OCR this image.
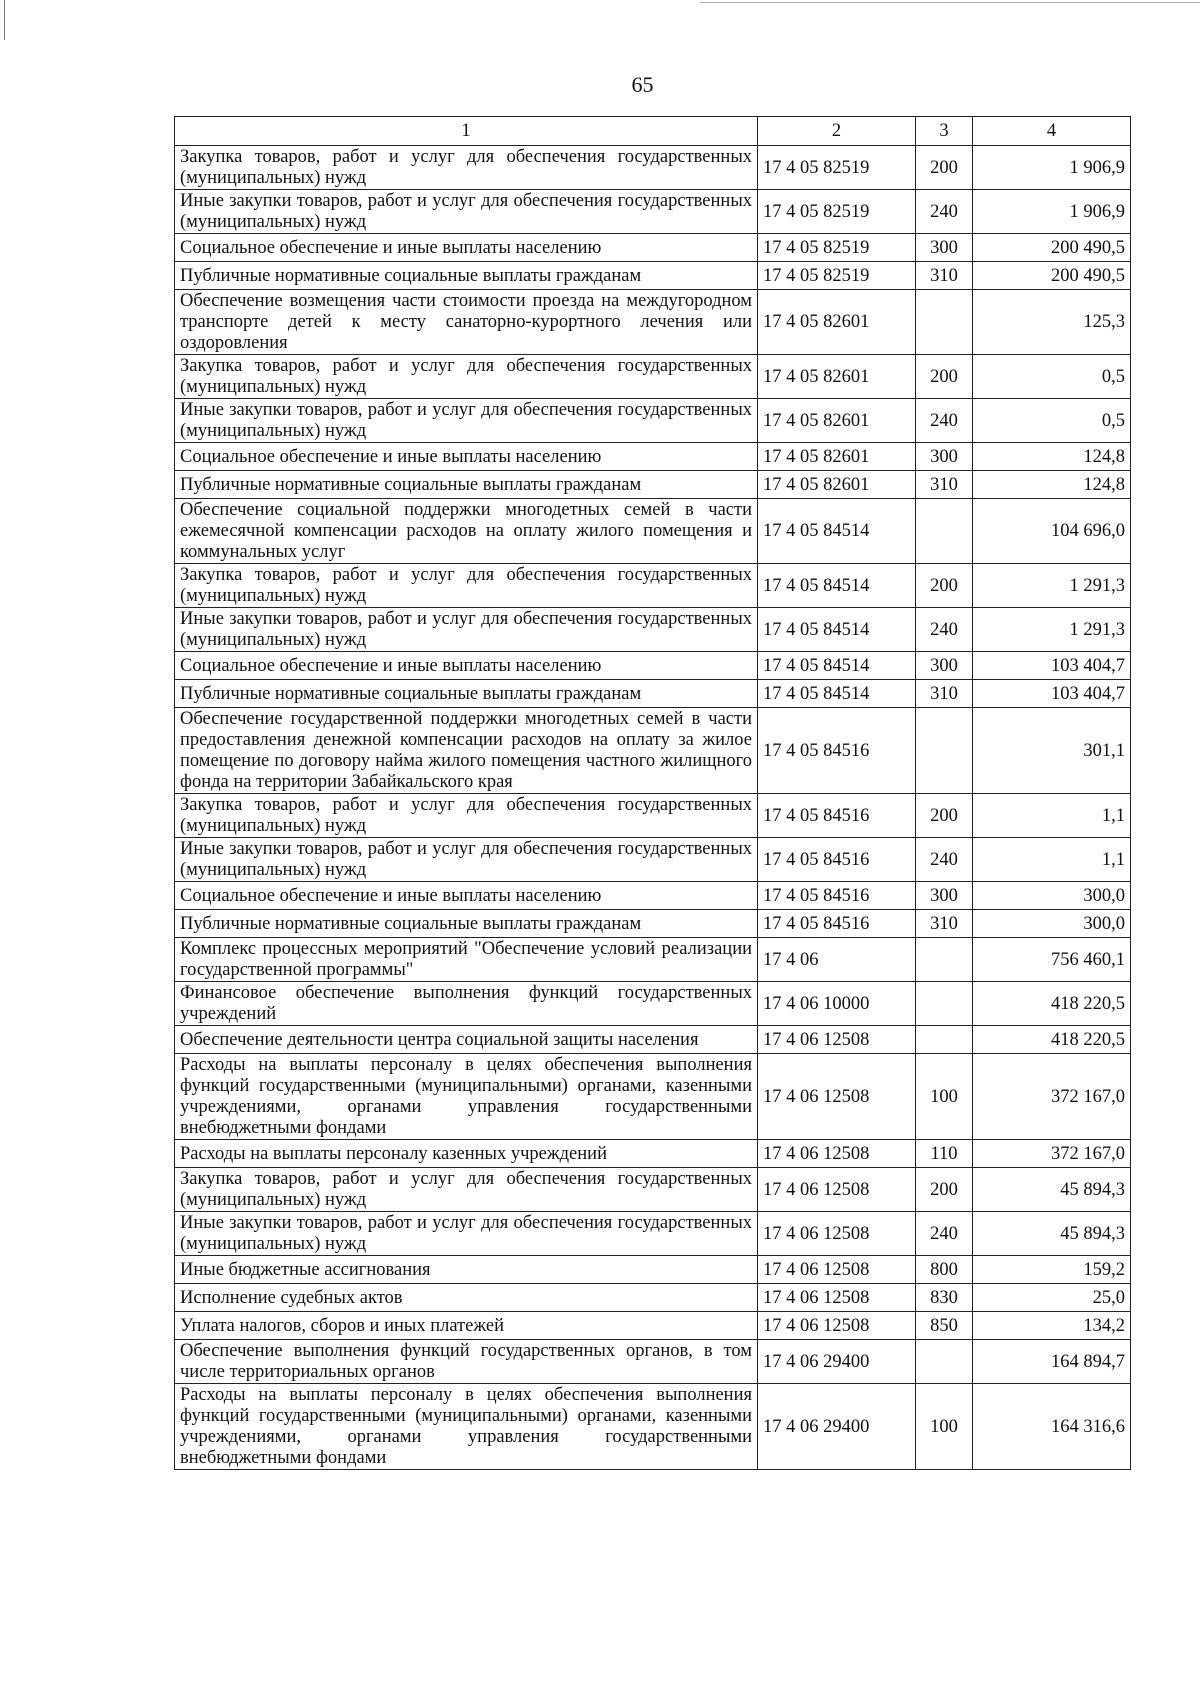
65
1	2	3	4
Закупка товаров, работ и услуг для обеспечения государственных (муниципальных) нужд	17 4 05 82519	200	1 906,9
Иные закупки товаров, работ и услуг для обеспечения государственных (муниципальных) нужд	17 4 05 82519	240	1 906,9
Социальное обеспечение и иные выплаты населению	17 4 05 82519	300	200 490,5
Публичные нормативные социальные выплаты гражданам	17 4 05 82519	310	200 490,5
Обеспечение возмещения части стоимости проезда на междугородном транспорте детей к месту санаторно-курортного лечения или оздоровления	17 4 05 82601		125,3
Закупка товаров, работ и услуг для обеспечения государственных (муниципальных) нужд	17 4 05 82601	200	0,5
Иные закупки товаров, работ и услуг для обеспечения государственных (муниципальных) нужд	17 4 05 82601	240	0,5
Социальное обеспечение и иные выплаты населению	17 4 05 82601	300	124,8
Публичные нормативные социальные выплаты гражданам	17 4 05 82601	310	124,8
Обеспечение социальной поддержки многодетных семей в части ежемесячной компенсации расходов на оплату жилого помещения и коммунальных услуг	17 4 05 84514		104 696,0
Закупка товаров, работ и услуг для обеспечения государственных (муниципальных) нужд	17 4 05 84514	200	1 291,3
Иные закупки товаров, работ и услуг для обеспечения государственных (муниципальных) нужд	17 4 05 84514	240	1 291,3
Социальное обеспечение и иные выплаты населению	17 4 05 84514	300	103 404,7
Публичные нормативные социальные выплаты гражданам	17 4 05 84514	310	103 404,7
Обеспечение государственной поддержки многодетных семей в части предоставления денежной компенсации расходов на оплату за жилое помещение по договору найма жилого помещения частного жилищного фонда на территории Забайкальского края	17 4 05 84516		301,1
Закупка товаров, работ и услуг для обеспечения государственных (муниципальных) нужд	17 4 05 84516	200	1,1
Иные закупки товаров, работ и услуг для обеспечения государственных (муниципальных) нужд	17 4 05 84516	240	1,1
Социальное обеспечение и иные выплаты населению	17 4 05 84516	300	300,0
Публичные нормативные социальные выплаты гражданам	17 4 05 84516	310	300,0
Комплекс процессных мероприятий "Обеспечение условий реализации государственной программы"	17 4 06		756 460,1
Финансовое обеспечение выполнения функций государственных учреждений	17 4 06 10000		418 220,5
Обеспечение деятельности центра социальной защиты населения	17 4 06 12508		418 220,5
Расходы на выплаты персоналу в целях обеспечения выполнения функций государственными (муниципальными) органами, казенными учреждениями, органами управления государственными внебюджетными фондами	17 4 06 12508	100	372 167,0
Расходы на выплаты персоналу казенных учреждений	17 4 06 12508	110	372 167,0
Закупка товаров, работ и услуг для обеспечения государственных (муниципальных) нужд	17 4 06 12508	200	45 894,3
Иные закупки товаров, работ и услуг для обеспечения государственных (муниципальных) нужд	17 4 06 12508	240	45 894,3
Иные бюджетные ассигнования	17 4 06 12508	800	159,2
Исполнение судебных актов	17 4 06 12508	830	25,0
Уплата налогов, сборов и иных платежей	17 4 06 12508	850	134,2
Обеспечение выполнения функций государственных органов, в том числе территориальных органов	17 4 06 29400		164 894,7
Расходы на выплаты персоналу в целях обеспечения выполнения функций государственными (муниципальными) органами, казенными учреждениями, органами управления государственными внебюджетными фондами	17 4 06 29400	100	164 316,6
